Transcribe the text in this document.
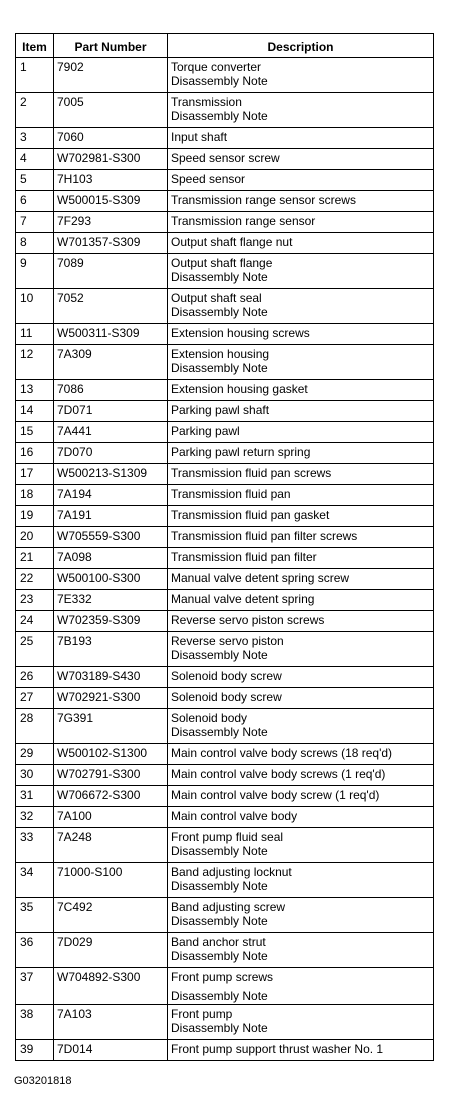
Item	Part Number	Description
1	7902	Torque converter
Disassembly Note

2	7005	Transmission
Disassembly Note

3	7060	Input shaft

4	W702981-S300	Speed sensor screw

5	7H103	Speed sensor

6	W500015-S309	Transmission range sensor screws

7	7F293	Transmission range sensor

8	W701357-S309	Output shaft flange nut

9	7089	Output shaft flange
Disassembly Note

10	7052	Output shaft seal
Disassembly Note

11	W500311-S309	Extension housing screws

12	7A309	Extension housing
Disassembly Note

13	7086	Extension housing gasket

14	7D071	Parking pawl shaft

15	7A441	Parking pawl

16	7D070	Parking pawl return spring

17	W500213-S1309	Transmission fluid pan screws

18	7A194	Transmission fluid pan

19	7A191	Transmission fluid pan gasket

20	W705559-S300	Transmission fluid pan filter screws

21	7A098	Transmission fluid pan filter

22	W500100-S300	Manual valve detent spring screw

23	7E332	Manual valve detent spring

24	W702359-S309	Reverse servo piston screws

25	7B193	Reverse servo piston
Disassembly Note

26	W703189-S430	Solenoid body screw

27	W702921-S300	Solenoid body screw

28	7G391	Solenoid body
Disassembly Note

29	W500102-S1300	Main control valve body screws (18 req'd)

30	W702791-S300	Main control valve body screws (1 req'd)

31	W706672-S300	Main control valve body screw (1 req'd)

32	7A100	Main control valve body

33	7A248	Front pump fluid seal
Disassembly Note

34	71000-S100	Band adjusting locknut
Disassembly Note

35	7C492	Band adjusting screw
Disassembly Note

36	7D029	Band anchor strut
Disassembly Note

37	W704892-S300	Front pump screws
Disassembly Note

38	7A103	Front pump
Disassembly Note

39	7D014	Front pump support thrust washer No. 1
G03201818
